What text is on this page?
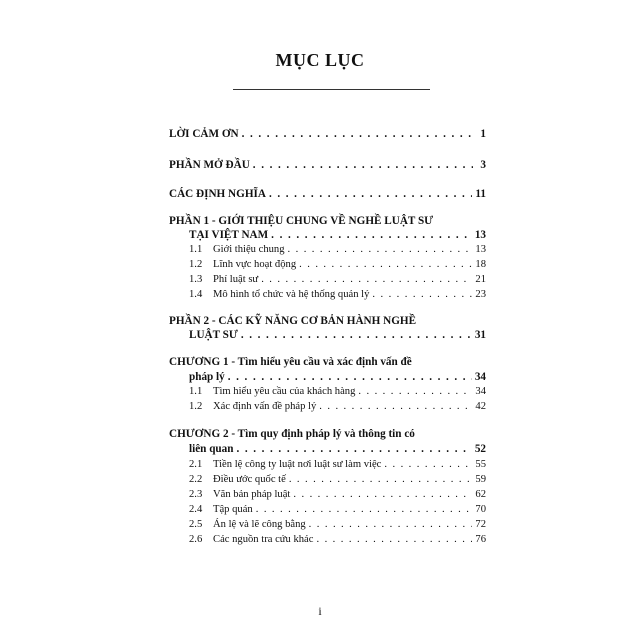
MỤC LỤC
LỜI CẢM ƠN . . .	1
PHẦN MỞ ĐẦU . . .	3
CÁC ĐỊNH NGHĨA . . .	11
PHẦN 1 - GIỚI THIỆU CHUNG VỀ NGHỀ LUẬT SƯ
TẠI VIỆT NAM . . .	13
1.1	Giới thiệu chung . . .	13
1.2	Lĩnh vực hoạt động . . .	18
1.3	Phí luật sư . . .	21
1.4	Mô hình tổ chức và hệ thống quản lý . . .	23
PHẦN 2 - CÁC KỸ NĂNG CƠ BẢN HÀNH NGHỀ
LUẬT SƯ . . .	31
CHƯƠNG 1 - Tìm hiểu yêu cầu và xác định vấn đề
pháp lý . . .	34
1.1	Tìm hiểu yêu cầu của khách hàng . . .	34
1.2	Xác định vấn đề pháp lý . . .	42
CHƯƠNG 2 - Tìm quy định pháp lý và thông tin có
liên quan . . .	52
2.1	Tiền lệ công ty luật nơi luật sư làm việc . . .	55
2.2	Điều ước quốc tế . . .	59
2.3	Văn bản pháp luật . . .	62
2.4	Tập quán . . .	70
2.5	Án lệ và lẽ công bằng . . .	72
2.6	Các nguồn tra cứu khác . . .	76
i
